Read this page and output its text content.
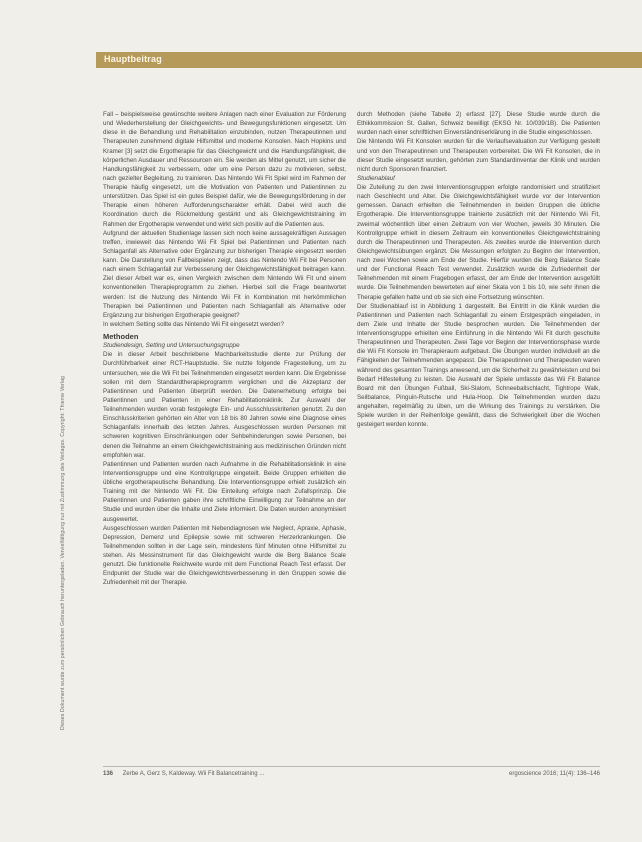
Hauptbeitrag
Dieses Dokument wurde zum persönlichen Gebrauch heruntergeladen. Vervielfältigung nur mit Zustimmung des Verlages. Copyright: Thieme Verlag

Fall – beispielsweise gewünschte weitere Anlagen nach einer Evaluation zur Förderung und Wiederherstellung der Gleichgewichts- und Bewegungsfunktionen eingesetzt. Um diese in die Behandlung und Rehabilitation einzubinden, nutzen Therapeutinnen und Therapeuten zunehmend digitale Hilfsmittel und moderne Konsolen. Nach Hopkins und Kramer [3] setzt die Ergotherapie für das Gleichgewicht und die Handlungsfähigkeit, die körperlichen Ausdauer und Ressourcen ein. Sie werden als Mittel genutzt, um sicher die Handlungsfähigkeit zu verbessern, oder um eine Person dazu zu motivieren, selbst, nach gezielter Begleitung, zu trainieren. Das Nintendo Wii Fit Spiel wird im Rahmen der Therapie häufig eingesetzt, um die Motivation von Patienten und Patientinnen zu unterstützen. Das Spiel ist ein gutes Beispiel dafür, wie die Bewegungsförderung in der Therapie einen höheren Aufforderungscharakter erhält. Dabei wird auch die Koordination durch die Rückmeldung gestärkt und als Gleichgewichtstraining im Rahmen der Ergotherapie verwendet und wirkt sich positiv auf die Patienten aus.

Aufgrund der aktuellen Studienlage lassen sich noch keine aussagekräftigen Aussagen treffen, inwieweit das Nintendo Wii Fit Spiel bei Patientinnen und Patienten nach Schlaganfall als Alternative oder Ergänzung zur bisherigen Therapie eingesetzt werden kann. Die Darstellung von Fallbeispielen zeigt, dass das Nintendo Wii Fit bei Personen nach einem Schlaganfall zur Verbesserung der Gleichgewichtsfähigkeit beitragen kann. Ziel dieser Arbeit war es, einen Vergleich zwischen dem Nintendo Wii Fit und einem konventionellen Therapieprogramm zu ziehen. Hierbei soll die Frage beantwortet werden: Ist die Nutzung des Nintendo Wii Fit in Kombination mit herkömmlichen Therapien bei Patientinnen und Patienten nach Schlaganfall als Alternative oder Ergänzung zur bisherigen Ergotherapie geeignet?

In welchem Setting sollte das Nintendo Wii Fit eingesetzt werden?

Methoden

Studiendesign, Setting und Untersuchungsgruppe

Die in dieser Arbeit beschriebene Machbarkeitsstudie diente zur Prüfung der Durchführbarkeit einer RCT-Hauptstudie. Sie nutzte folgende Fragestellung, um zu untersuchen, wie die Wii Fit bei Teilnehmenden eingesetzt werden kann. Die Ergebnisse sollen mit dem Standardtherapieprogramm verglichen und die Akzeptanz der Patientinnen und Patienten überprüft werden. Die Datenerhebung erfolgte bei Patientinnen und Patienten in einer Rehabilitationsklinik. Zur Auswahl der Teilnehmenden wurden vorab festgelegte Ein- und Ausschlusskriterien genutzt. Zu den Einschlusskriterien gehörten ein Alter von 18 bis 80 Jahren sowie eine Diagnose eines Schlaganfalls innerhalb des letzten Jahres. Ausgeschlossen wurden Personen mit schweren kognitiven Einschränkungen oder Sehbehinderungen sowie Personen, bei denen die Teilnahme an einem Gleichgewichtstraining aus medizinischen Gründen nicht empfohlen war.

Patientinnen und Patienten wurden nach Aufnahme in die Rehabilitationsklinik in eine Interventionsgruppe und eine Kontrollgruppe eingeteilt. Beide Gruppen erhielten die übliche ergotherapeutische Behandlung. Die Interventionsgruppe erhielt zusätzlich ein Training mit der Nintendo Wii Fit. Die Einteilung erfolgte nach Zufallsprinzip. Die Patientinnen und Patienten gaben ihre schriftliche Einwilligung zur Teilnahme an der Studie und wurden über die Inhalte und Ziele informiert. Die Daten wurden anonymisiert ausgewertet.

Ausgeschlossen wurden Patienten mit Nebendiagnosen wie Neglect, Apraxie, Aphasie, Depression, Demenz und Epilepsie sowie mit schweren Herzerkrankungen. Die Teilnehmenden sollten in der Lage sein, mindestens fünf Minuten ohne Hilfsmittel zu stehen. Als Messinstrument für das Gleichgewicht wurde die Berg Balance Scale genutzt. Die funktionelle Reichweite wurde mit dem Functional Reach Test erfasst. Der Endpunkt der Studie war die Gleichgewichtsverbesserung in den Gruppen sowie die Zufriedenheit mit der Therapie.

durch Methoden (siehe Tabelle 2) erfasst [27]. Diese Studie wurde durch die Ethikkommission St. Gallen, Schweiz bewilligt (EKSG Nr. 10/039/1B). Die Patienten wurden nach einer schriftlichen Einverständniserklärung in die Studie eingeschlossen.

Die Nintendo Wii Fit Konsolen wurden für die Verlaufsevaluation zur Verfügung gestellt und von den Therapeutinnen und Therapeuten vorbereitet. Die Wii Fit Konsolen, die in dieser Studie eingesetzt wurden, gehörten zum Standardinventar der Klinik und wurden nicht durch Sponsoren finanziert.

Studienablauf

Die Zuteilung zu den zwei Interventionsgruppen erfolgte randomisiert und stratifiziert nach Geschlecht und Alter. Die Gleichgewichtsfähigkeit wurde vor der Intervention gemessen. Danach erhielten die Teilnehmenden in beiden Gruppen die übliche Ergotherapie. Die Interventionsgruppe trainierte zusätzlich mit der Nintendo Wii Fit, zweimal wöchentlich über einen Zeitraum von vier Wochen, jeweils 30 Minuten. Die Kontrollgruppe erhielt in diesem Zeitraum ein konventionelles Gleichgewichtstraining durch die Therapeutinnen und Therapeuten. Als zweites wurde die Intervention durch Gleichgewichtsübungen ergänzt. Die Messungen erfolgten zu Beginn der Intervention, nach zwei Wochen sowie am Ende der Studie. Hierfür wurden die Berg Balance Scale und der Functional Reach Test verwendet. Zusätzlich wurde die Zufriedenheit der Teilnehmenden mit einem Fragebogen erfasst, der am Ende der Intervention ausgefüllt wurde. Die Teilnehmenden bewerteten auf einer Skala von 1 bis 10, wie sehr ihnen die Therapie gefallen hatte und ob sie sich eine Fortsetzung wünschten.

Der Studienablauf ist in Abbildung 1 dargestellt. Bei Eintritt in die Klinik wurden die Patientinnen und Patienten nach Schlaganfall zu einem Erstgespräch eingeladen, in dem Ziele und Inhalte der Studie besprochen wurden. Die Teilnehmenden der Interventionsgruppe erhielten eine Einführung in die Nintendo Wii Fit durch geschulte Therapeutinnen und Therapeuten. Zwei Tage vor Beginn der Interventionsphase wurde die Wii Fit Konsole im Therapieraum aufgebaut. Die Übungen wurden individuell an die Fähigkeiten der Teilnehmenden angepasst. Die Therapeutinnen und Therapeuten waren während des gesamten Trainings anwesend, um die Sicherheit zu gewährleisten und bei Bedarf Hilfestellung zu leisten. Die Auswahl der Spiele umfasste das Wii Fit Balance Board mit den Übungen Fußball, Ski-Slalom, Schneeballschlacht, Tightrope Walk, Seilbalance, Pinguin-Rutsche und Hula-Hoop. Die Teilnehmenden wurden dazu angehalten, regelmäßig zu üben, um die Wirkung des Trainings zu verstärken. Die Spiele wurden in der Reihenfolge gewählt, dass die Schwierigkeit über die Wochen gesteigert werden konnte.

136 Zerbe A, Gerz S, Kaldeway. Wii Fit Balancetraining ...	ergoscience 2016; 11(4): 136–146
